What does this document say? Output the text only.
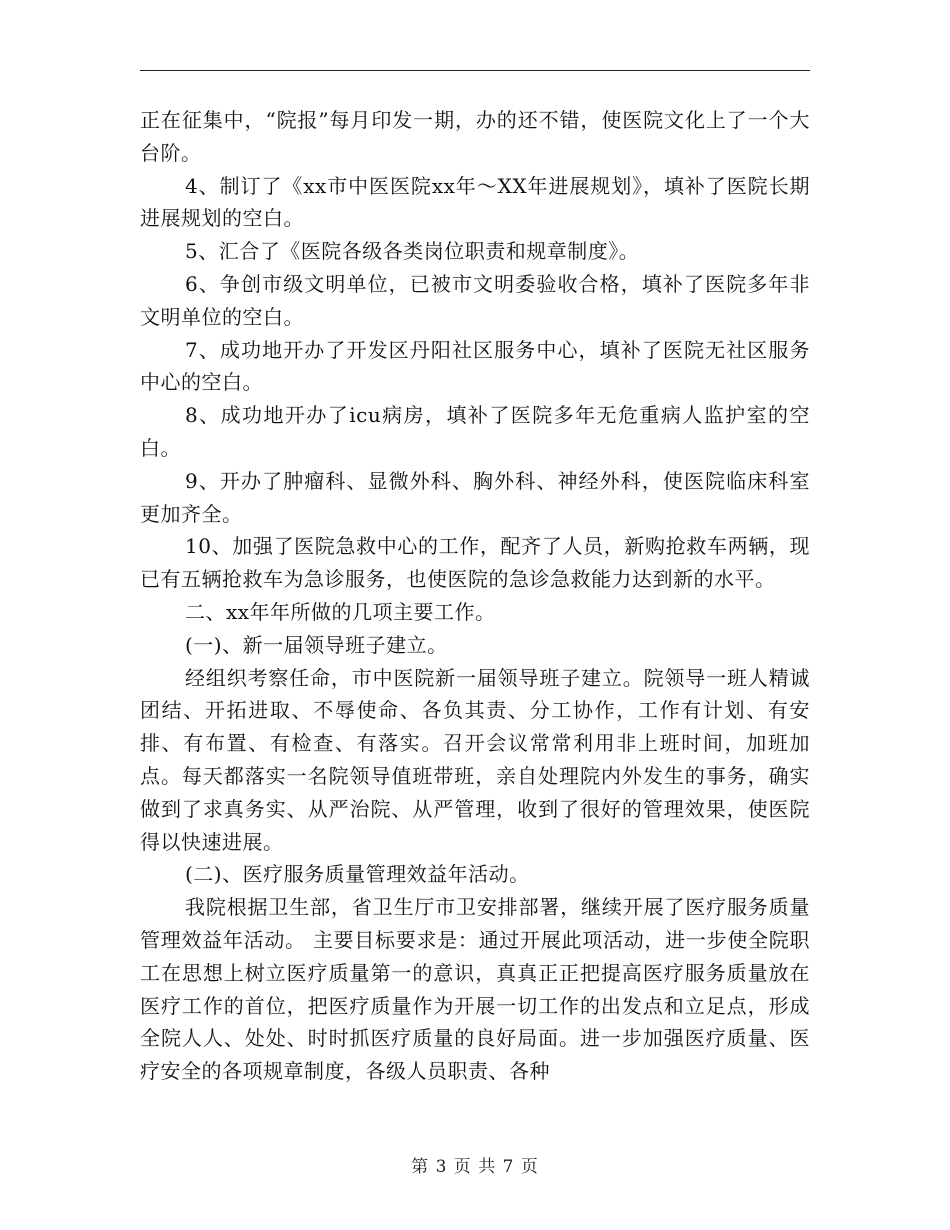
正在征集中，“院报”每月印发一期，办的还不错，使医院文化上了一个大台阶。

4、制订了《xx市中医医院xx年～XX年进展规划》，填补了医院长期进展规划的空白。

5、汇合了《医院各级各类岗位职责和规章制度》。

6、争创市级文明单位，已被市文明委验收合格，填补了医院多年非文明单位的空白。

7、成功地开办了开发区丹阳社区服务中心，填补了医院无社区服务中心的空白。

8、成功地开办了icu病房，填补了医院多年无危重病人监护室的空白。

9、开办了肿瘤科、显微外科、胸外科、神经外科，使医院临床科室更加齐全。

10、加强了医院急救中心的工作，配齐了人员，新购抢救车两辆，现已有五辆抢救车为急诊服务，也使医院的急诊急救能力达到新的水平。

二、xx年年所做的几项主要工作。

(一)、新一届领导班子建立。

经组织考察任命，市中医院新一届领导班子建立。院领导一班人精诚团结、开拓进取、不辱使命、各负其责、分工协作，工作有计划、有安排、有布置、有检查、有落实。召开会议常常利用非上班时间，加班加点。每天都落实一名院领导值班带班，亲自处理院内外发生的事务，确实做到了求真务实、从严治院、从严管理，收到了很好的管理效果，使医院得以快速进展。

(二)、医疗服务质量管理效益年活动。

我院根据卫生部，省卫生厅市卫安排部署，继续开展了医疗服务质量管理效益年活动。 主要目标要求是：通过开展此项活动，进一步使全院职工在思想上树立医疗质量第一的意识，真真正正把提高医疗服务质量放在医疗工作的首位，把医疗质量作为开展一切工作的出发点和立足点，形成全院人人、处处、时时抓医疗质量的良好局面。进一步加强医疗质量、医疗安全的各项规章制度，各级人员职责、各种

第 3 页 共 7 页
